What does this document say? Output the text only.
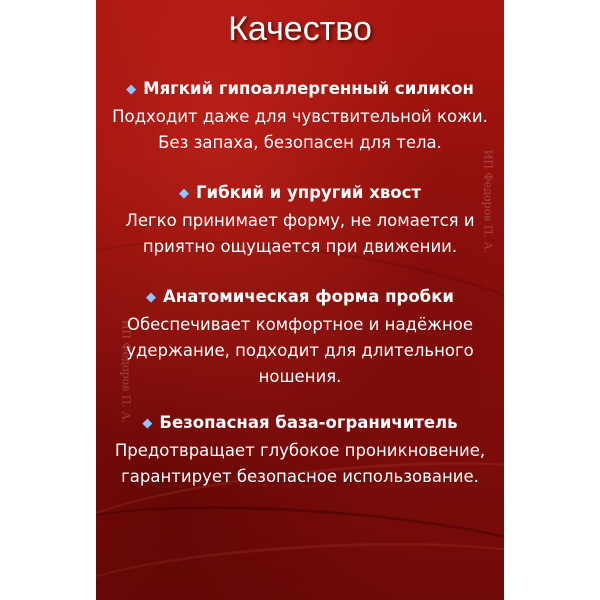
ИП Федоров П. А.
ИП Федоров П. А.
Качество
◆ Мягкий гипоаллергенный силикон
Подходит даже для чувствительной кожи.
Без запаха, безопасен для тела.
◆ Гибкий и упругий хвост
Легко принимает форму, не ломается и
приятно ощущается при движении.
◆ Анатомическая форма пробки
Обеспечивает комфортное и надёжное
удержание, подходит для длительного
ношения.
◆ Безопасная база-ограничитель
Предотвращает глубокое проникновение,
гарантирует безопасное использование.
